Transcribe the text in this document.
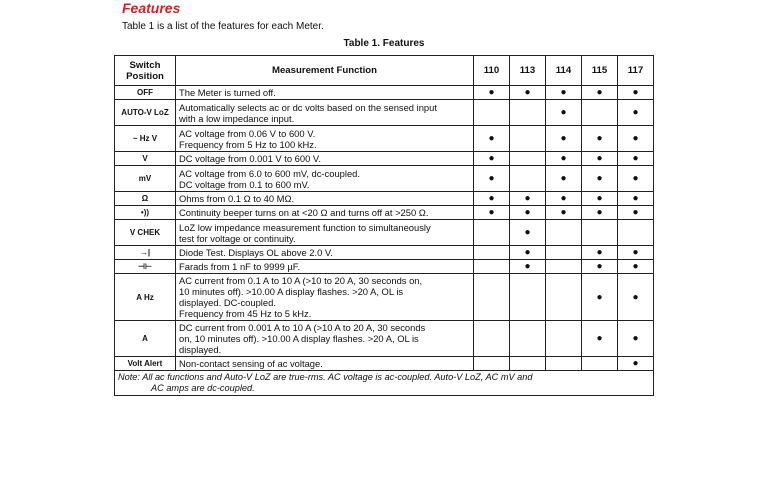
Features
Table 1 is a list of the features for each Meter.
Table 1. Features
Switch Position	Measurement Function	110	113	114	115	117
OFF	The Meter is turned off.	●	●	●	●	●
AUTO-V LoZ	Automatically selects ac or dc volts based on the sensed input
with a low impedance input.			●		●
~ Hz V	AC voltage from 0.06 V to 600 V.
Frequency from 5 Hz to 100 kHz.	●		●	●	●
V	DC voltage from 0.001 V to 600 V.	●		●	●	●
mV	AC voltage from 6.0 to 600 mV, dc-coupled.
DC voltage from 0.1 to 600 mV.	●		●	●	●
Ω	Ohms from 0.1 Ω to 40 MΩ.	●	●	●	●	●
•))	Continuity beeper turns on at <20 Ω and turns off at >250 Ω.	●	●	●	●	●
V CHEK	LoZ low impedance measurement function to simultaneously
test for voltage or continuity.		●			
→|	Diode Test. Displays OL above 2.0 V.		●		●	●
⊣⊢	Farads from 1 nF to 9999 µF.		●		●	●
A Hz	AC current from 0.1 A to 10 A (>10 to 20 A, 30 seconds on,
10 minutes off). >10.00 A display flashes. >20 A, OL is
displayed. DC-coupled.
Frequency from 45 Hz to 5 kHz.				●	●
A	DC current from 0.001 A to 10 A (>10 A to 20 A, 30 seconds
on, 10 minutes off). >10.00 A display flashes. >20 A, OL is
displayed.				●	●
Volt Alert	Non-contact sensing of ac voltage.					●
Note: All ac functions and Auto-V LoZ are true-rms. AC voltage is ac-coupled. Auto-V LoZ, AC mV and
AC amps are dc-coupled.						
